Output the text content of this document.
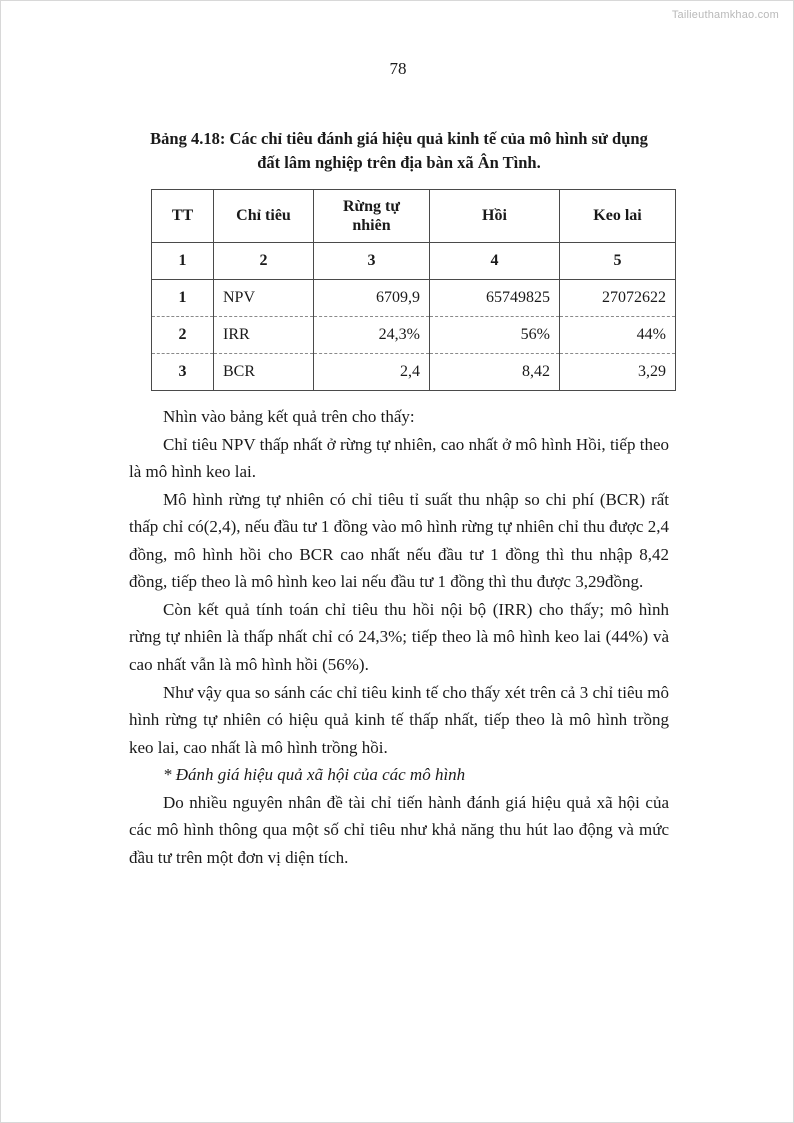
Tailieuthamkhao.com
78
Bảng 4.18: Các chỉ tiêu đánh giá hiệu quả kinh tế của mô hình sử dụng
đất lâm nghiệp trên địa bàn xã Ân Tình.
TT	Chỉ tiêu	Rừng tự nhiên	Hồi	Keo lai
1	2	3	4	5
1	NPV	6709,9	65749825	27072622
2	IRR	24,3%	56%	44%
3	BCR	2,4	8,42	3,29

Nhìn vào bảng kết quả trên cho thấy:

Chỉ tiêu NPV thấp nhất ở rừng tự nhiên, cao nhất ở mô hình Hồi, tiếp theo là mô hình keo lai.

Mô hình rừng tự nhiên có chỉ tiêu tỉ suất thu nhập so chi phí (BCR) rất thấp chỉ có(2,4), nếu đầu tư 1 đồng vào mô hình rừng tự nhiên chỉ thu được 2,4 đồng, mô hình hồi cho BCR cao nhất nếu đầu tư 1 đồng thì thu nhập 8,42 đồng, tiếp theo là mô hình keo lai nếu đầu tư 1 đồng thì thu được 3,29đồng.

Còn kết quả tính toán chỉ tiêu thu hồi nội bộ (IRR) cho thấy; mô hình rừng tự nhiên là thấp nhất chỉ có 24,3%; tiếp theo là mô hình keo lai (44%) và cao nhất vẫn là mô hình hồi (56%).

Như vậy qua so sánh các chỉ tiêu kinh tế cho thấy xét trên cả 3 chỉ tiêu mô hình rừng tự nhiên có hiệu quả kinh tế thấp nhất, tiếp theo là mô hình trồng keo lai, cao nhất là mô hình trồng hồi.

* Đánh giá hiệu quả xã hội của các mô hình

Do nhiều nguyên nhân đề tài chỉ tiến hành đánh giá hiệu quả xã hội của các mô hình thông qua một số chỉ tiêu như khả năng thu hút lao động và mức đầu tư trên một đơn vị diện tích.
